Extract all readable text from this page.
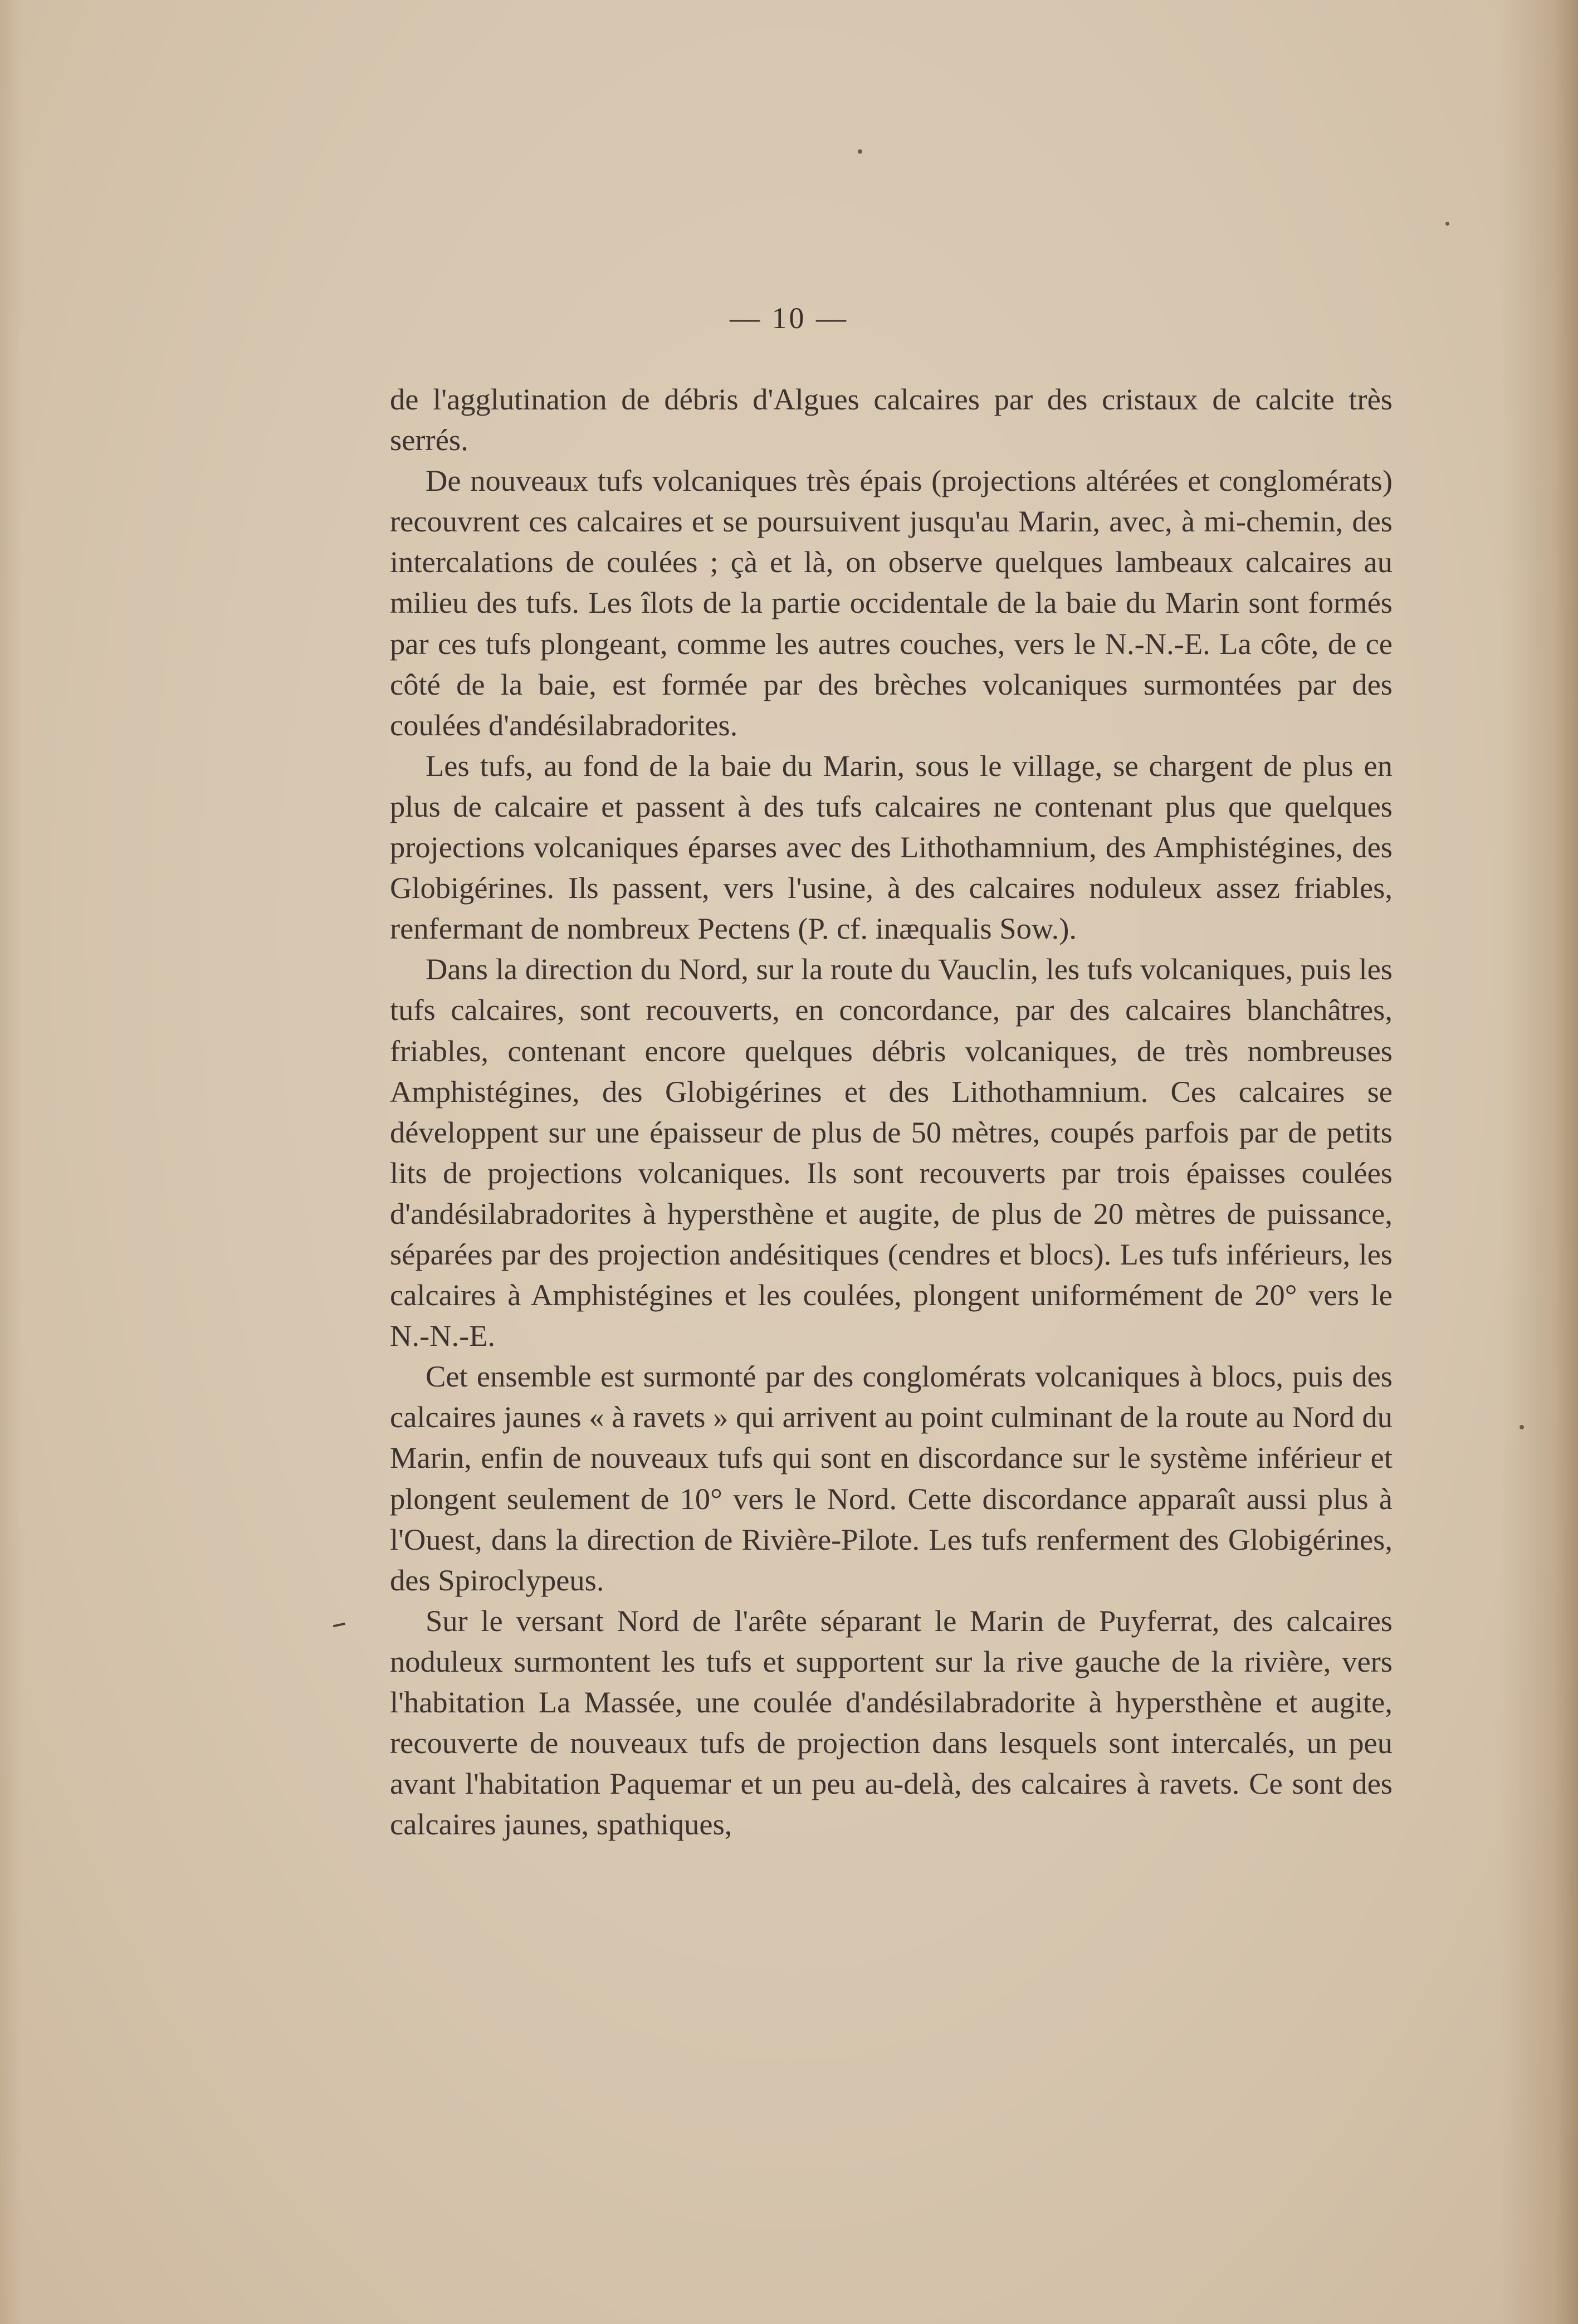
— 10 —

de l'agglutination de débris d'Algues calcaires par des cristaux de calcite très serrés.

De nouveaux tufs volcaniques très épais (projections altérées et conglomérats) recouvrent ces calcaires et se poursuivent jusqu'au Marin, avec, à mi-chemin, des intercalations de coulées ; çà et là, on observe quelques lambeaux calcaires au milieu des tufs. Les îlots de la partie occidentale de la baie du Marin sont formés par ces tufs plongeant, comme les autres couches, vers le N.-N.-E. La côte, de ce côté de la baie, est formée par des brèches volcaniques surmontées par des coulées d'andésilabradorites.

Les tufs, au fond de la baie du Marin, sous le village, se chargent de plus en plus de calcaire et passent à des tufs calcaires ne contenant plus que quelques projections volcaniques éparses avec des Lithothamnium, des Amphistégines, des Globigérines. Ils passent, vers l'usine, à des calcaires noduleux assez friables, renfermant de nombreux Pectens (P. cf. inæqualis Sow.).

Dans la direction du Nord, sur la route du Vauclin, les tufs volcaniques, puis les tufs calcaires, sont recouverts, en concordance, par des calcaires blanchâtres, friables, contenant encore quelques débris volcaniques, de très nombreuses Amphistégines, des Globigérines et des Lithothamnium. Ces calcaires se développent sur une épaisseur de plus de 50 mètres, coupés parfois par de petits lits de projections volcaniques. Ils sont recouverts par trois épaisses coulées d'andésilabradorites à hypersthène et augite, de plus de 20 mètres de puissance, séparées par des projection andésitiques (cendres et blocs). Les tufs inférieurs, les calcaires à Amphistégines et les coulées, plongent uniformément de 20° vers le N.-N.-E.

Cet ensemble est surmonté par des conglomérats volcaniques à blocs, puis des calcaires jaunes « à ravets » qui arrivent au point culminant de la route au Nord du Marin, enfin de nouveaux tufs qui sont en discordance sur le système inférieur et plongent seulement de 10° vers le Nord. Cette discordance apparaît aussi plus à l'Ouest, dans la direction de Rivière-Pilote. Les tufs renferment des Globigérines, des Spiroclypeus.

Sur le versant Nord de l'arête séparant le Marin de Puyferrat, des calcaires noduleux surmontent les tufs et supportent sur la rive gauche de la rivière, vers l'habitation La Massée, une coulée d'andésilabradorite à hypersthène et augite, recouverte de nouveaux tufs de projection dans lesquels sont intercalés, un peu avant l'habitation Paquemar et un peu au-delà, des calcaires à ravets. Ce sont des calcaires jaunes, spathiques,
